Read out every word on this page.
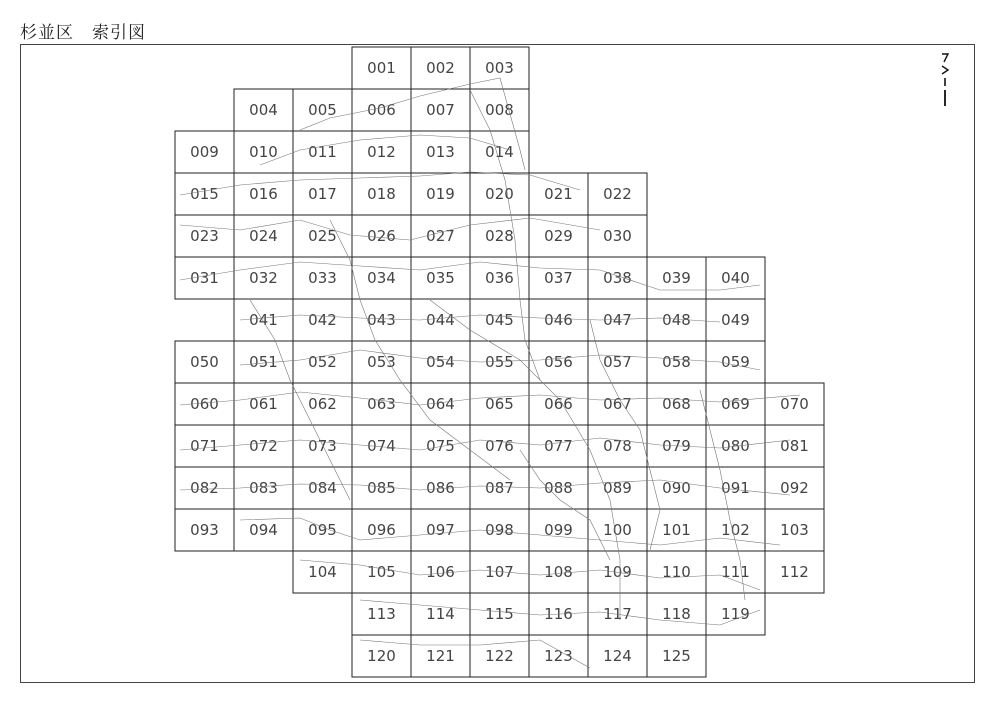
杉並区　索引図
001 002 003
004 005 006 007 008
009 010 011 012 013 014
015 016 017 018 019 020 021 022
023 024 025 026 027 028 029 030
031 032 033 034 035 036 037 038 039 040
041 042 043 044 045 046 047 048 049
050 051 052 053 054 055 056 057 058 059
060 061 062 063 064 065 066 067 068 069 070
071 072 073 074 075 076 077 078 079 080 081
082 083 084 085 086 087 088 089 090 091 092
093 094 095 096 097 098 099 100 101 102 103
104 105 106 107 108 109 110 111 112
113 114 115 116 117 118 119
120 121 122 123 124 125
